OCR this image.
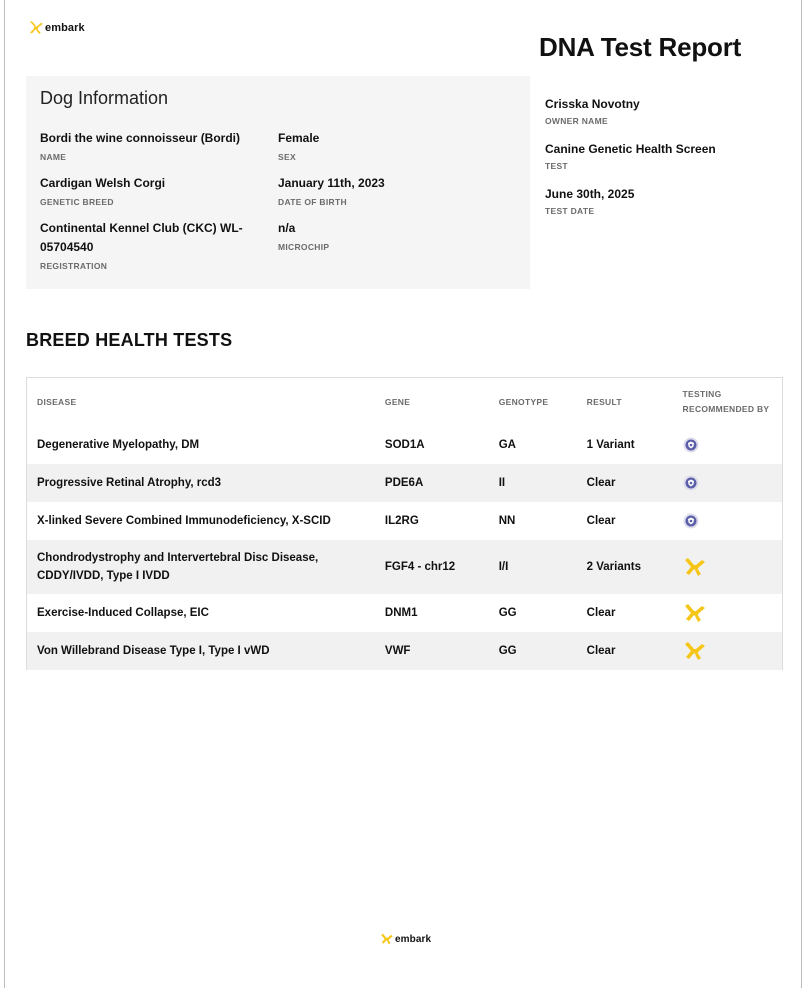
embark
DNA Test Report
Dog Information
Bordi the wine connoisseur (Bordi)
NAME
Female
SEX
Cardigan Welsh Corgi
GENETIC BREED
January 11th, 2023
DATE OF BIRTH
Continental Kennel Club (CKC) WL-
05704540
REGISTRATION
n/a
MICROCHIP
Crisska Novotny
OWNER NAME
Canine Genetic Health Screen
TEST
June 30th, 2025
TEST DATE
BREED HEALTH TESTS
DISEASE	GENE	GENOTYPE	RESULT	TESTING
RECOMMENDED BY

Degenerative Myelopathy, DM	SOD1A	GA	1 Variant	

Progressive Retinal Atrophy, rcd3	PDE6A	II	Clear	

X-linked Severe Combined Immunodeficiency, X-SCID	IL2RG	NN	Clear	

Chondrodystrophy and Intervertebral Disc Disease,
CDDY/IVDD, Type I IVDD	FGF4 - chr12	I/I	2 Variants	

Exercise-Induced Collapse, EIC	DNM1	GG	Clear	

Von Willebrand Disease Type I, Type I vWD	VWF	GG	Clear	
embark
